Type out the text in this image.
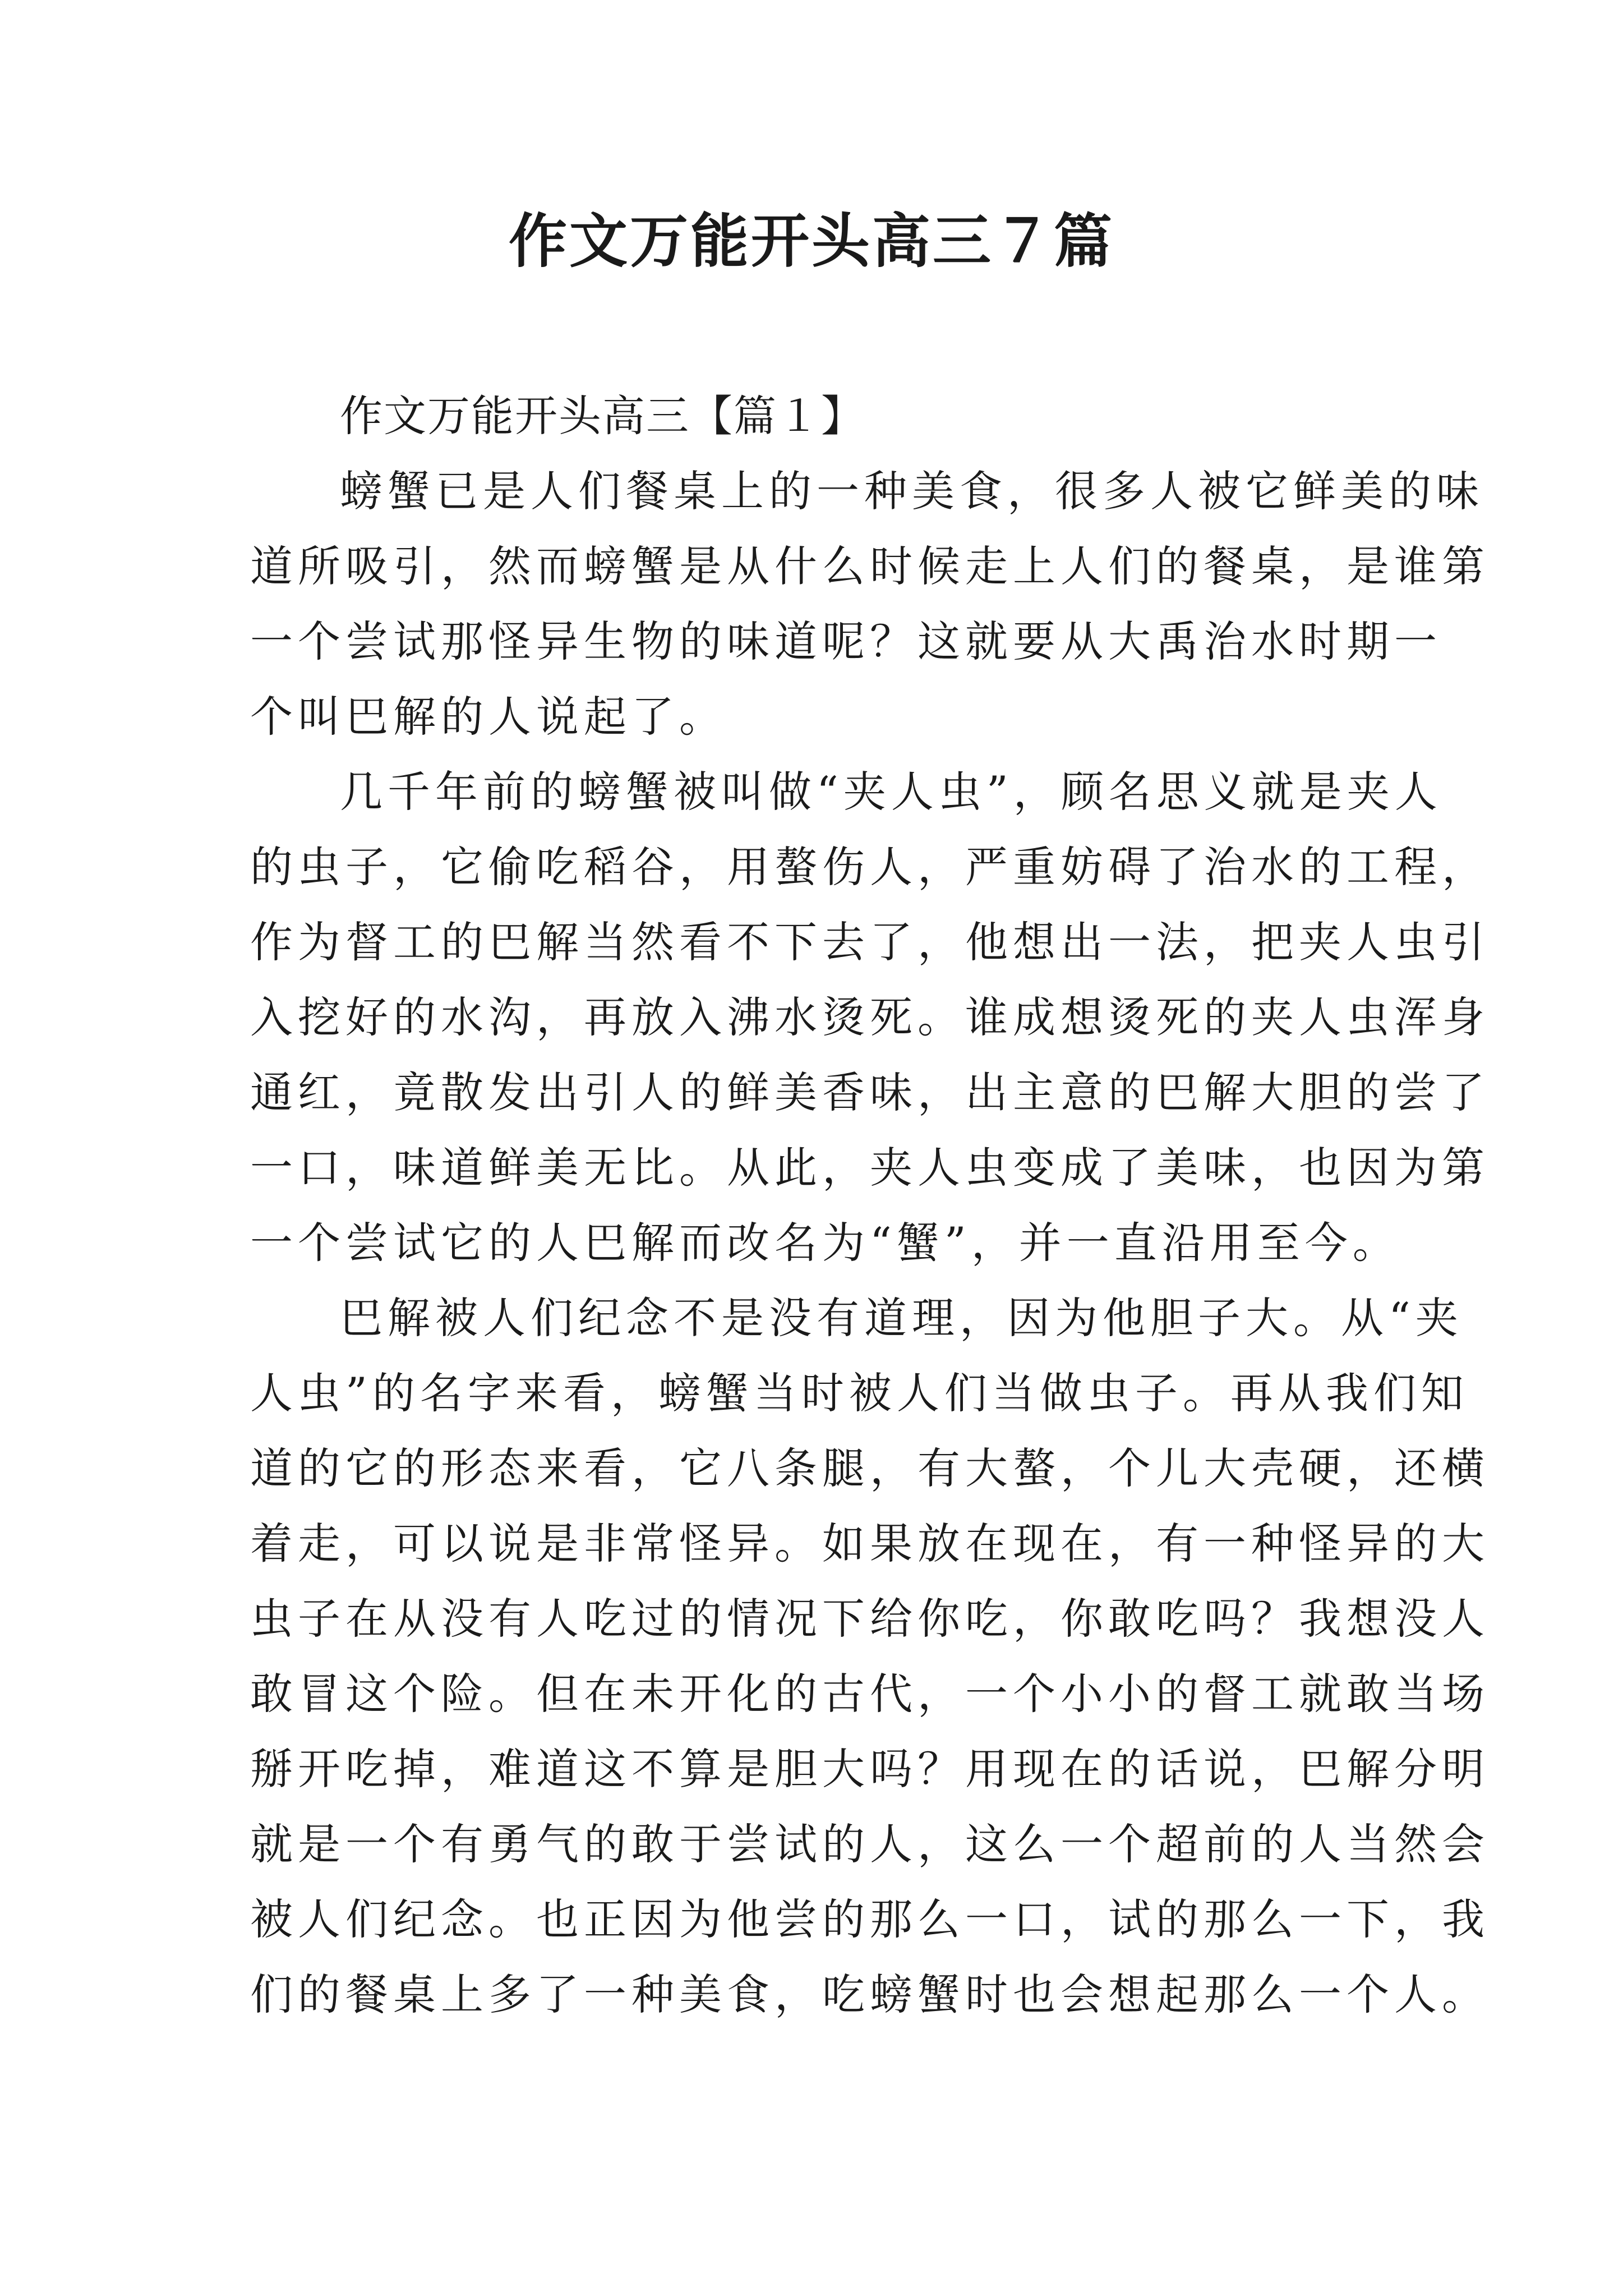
作文万能开头高三７篇
作文万能开头高三【篇１】

螃蟹已是人们餐桌上的一种美食，很多人被它鲜美的味
道所吸引，然而螃蟹是从什么时候走上人们的餐桌，是谁第
一个尝试那怪异生物的味道呢？这就要从大禹治水时期一
个叫巴解的人说起了。

几千年前的螃蟹被叫做“夹人虫”，顾名思义就是夹人
的虫子，它偷吃稻谷，用螯伤人，严重妨碍了治水的工程，
作为督工的巴解当然看不下去了，他想出一法，把夹人虫引
入挖好的水沟，再放入沸水烫死。谁成想烫死的夹人虫浑身
通红，竟散发出引人的鲜美香味，出主意的巴解大胆的尝了
一口，味道鲜美无比。从此，夹人虫变成了美味，也因为第
一个尝试它的人巴解而改名为“蟹”，并一直沿用至今。

巴解被人们纪念不是没有道理，因为他胆子大。从“夹
人虫”的名字来看，螃蟹当时被人们当做虫子。再从我们知
道的它的形态来看，它八条腿，有大螯，个儿大壳硬，还横
着走，可以说是非常怪异。如果放在现在，有一种怪异的大
虫子在从没有人吃过的情况下给你吃，你敢吃吗？我想没人
敢冒这个险。但在未开化的古代，一个小小的督工就敢当场
掰开吃掉，难道这不算是胆大吗？用现在的话说，巴解分明
就是一个有勇气的敢于尝试的人，这么一个超前的人当然会
被人们纪念。也正因为他尝的那么一口，试的那么一下，我
们的餐桌上多了一种美食，吃螃蟹时也会想起那么一个人。
